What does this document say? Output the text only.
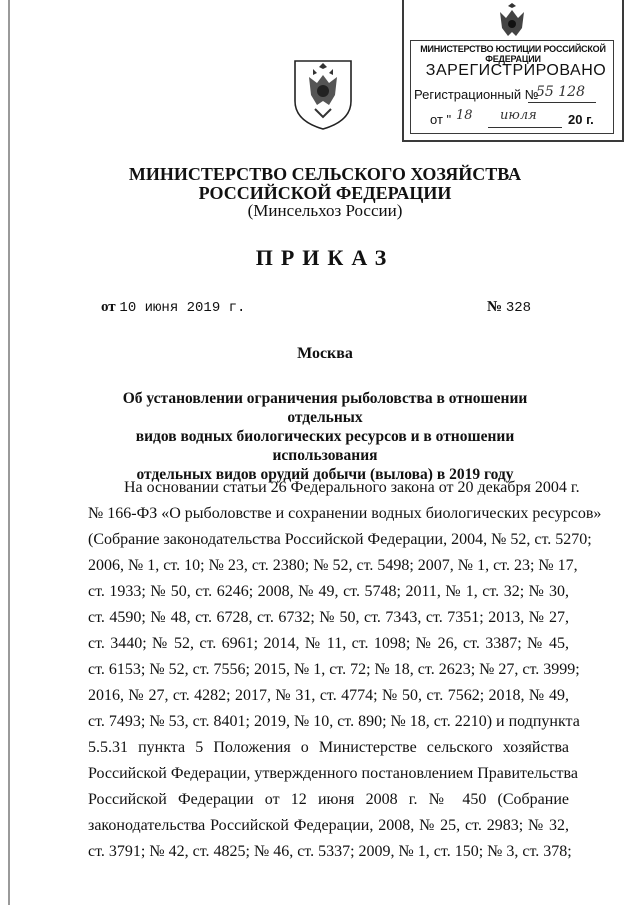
МИНИСТЕРСТВО ЮСТИЦИИ РОССИЙСКОЙ ФЕДЕРАЦИИ
ЗАРЕГИСТРИРОВАНО
Регистрационный №
55 128
от " 18 июля 20 г.
МИНИСТЕРСТВО СЕЛЬСКОГО ХОЗЯЙСТВА
РОССИЙСКОЙ ФЕДЕРАЦИИ
(Минсельхоз России)
ПРИКАЗ
от 10 июня 2019 г.	№ 328
Москва
Об установлении ограничения рыболовства в отношении отдельных
видов водных биологических ресурсов и в отношении использования
отдельных видов орудий добычи (вылова) в 2019 году
На основании статьи 26 Федерального закона от 20 декабря 2004 г.
№ 166-ФЗ «О рыболовстве и сохранении водных биологических ресурсов»
(Собрание законодательства Российской Федерации, 2004, № 52, ст. 5270;
2006, № 1, ст. 10; № 23, ст. 2380; № 52, ст. 5498; 2007, № 1, ст. 23; № 17,
ст. 1933; № 50, ст. 6246; 2008, № 49, ст. 5748; 2011, № 1, ст. 32; № 30,
ст. 4590; № 48, ст. 6728, ст. 6732; № 50, ст. 7343, ст. 7351; 2013, № 27,
ст. 3440; № 52, ст. 6961; 2014, № 11, ст. 1098; № 26, ст. 3387; № 45,
ст. 6153; № 52, ст. 7556; 2015, № 1, ст. 72; № 18, ст. 2623; № 27, ст. 3999;
2016, № 27, ст. 4282; 2017, № 31, ст. 4774; № 50, ст. 7562; 2018, № 49,
ст. 7493; № 53, ст. 8401; 2019, № 10, ст. 890; № 18, ст. 2210) и подпункта
5.5.31 пункта 5 Положения о Министерстве сельского хозяйства
Российской Федерации, утвержденного постановлением Правительства
Российской Федерации от 12 июня 2008 г. № 450 (Собрание
законодательства Российской Федерации, 2008, № 25, ст. 2983; № 32,
ст. 3791; № 42, ст. 4825; № 46, ст. 5337; 2009, № 1, ст. 150; № 3, ст. 378;
